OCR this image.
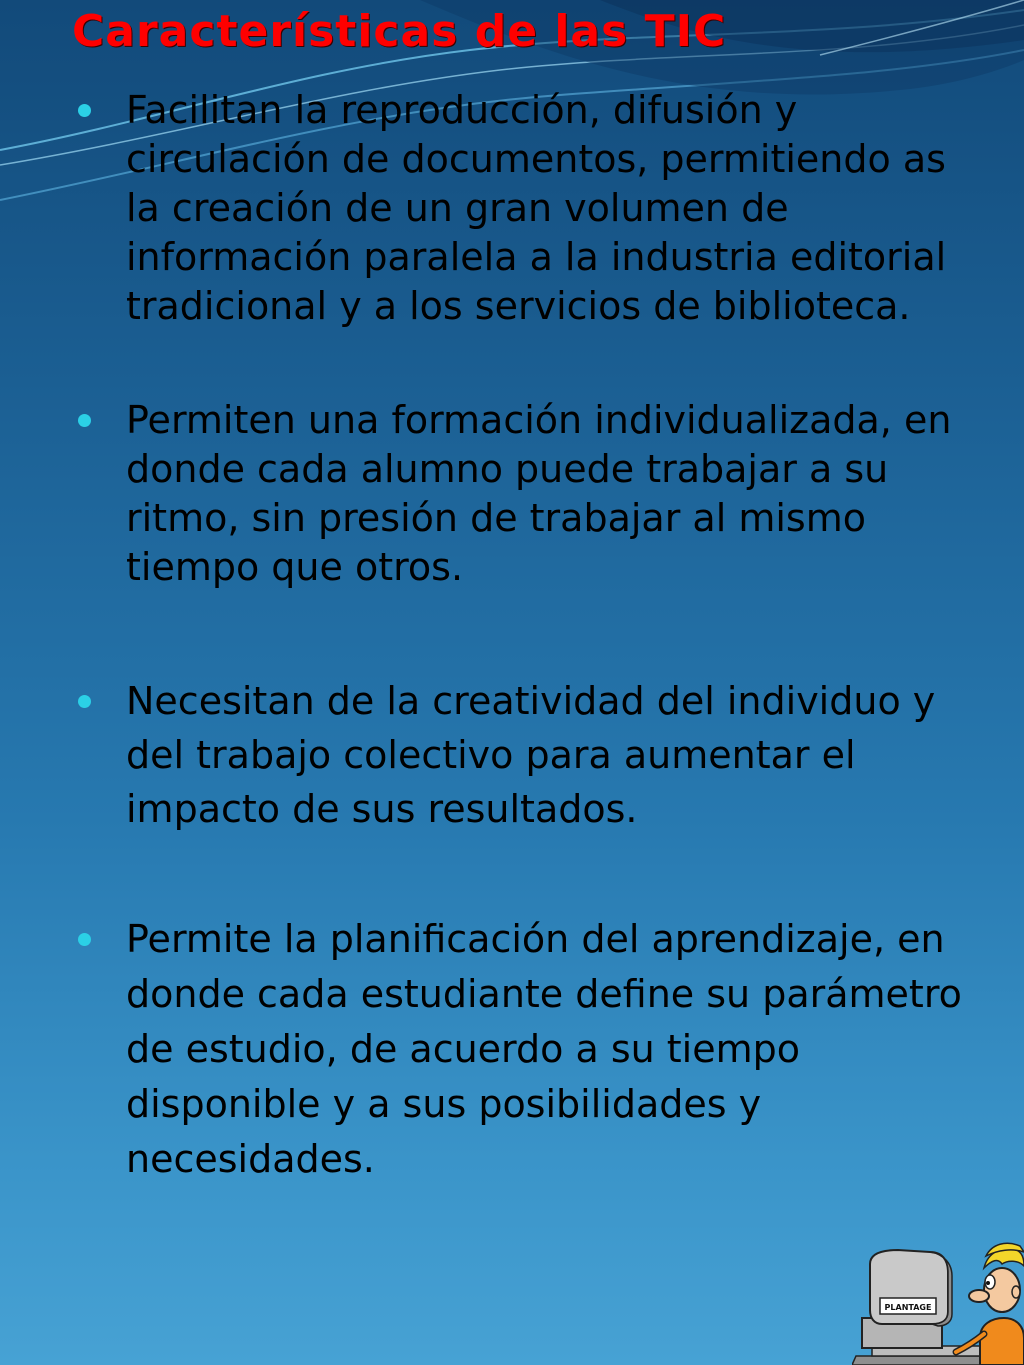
Características de las TIC
Facilitan la reproducción, difusión y circulación de documentos, permitiendo as la creación de un gran volumen de información paralela a la industria editorial tradicional y a los servicios de biblioteca.
Permiten una formación individualizada, en donde cada alumno puede trabajar a su ritmo, sin presión de trabajar al mismo tiempo que otros.
Necesitan de la creatividad del individuo y del trabajo colectivo para aumentar el impacto de sus resultados.
Permite la planificación del aprendizaje, en donde cada estudiante define su parámetro de estudio, de acuerdo a su tiempo disponible y a sus posibilidades y necesidades.
PLANTAGE
